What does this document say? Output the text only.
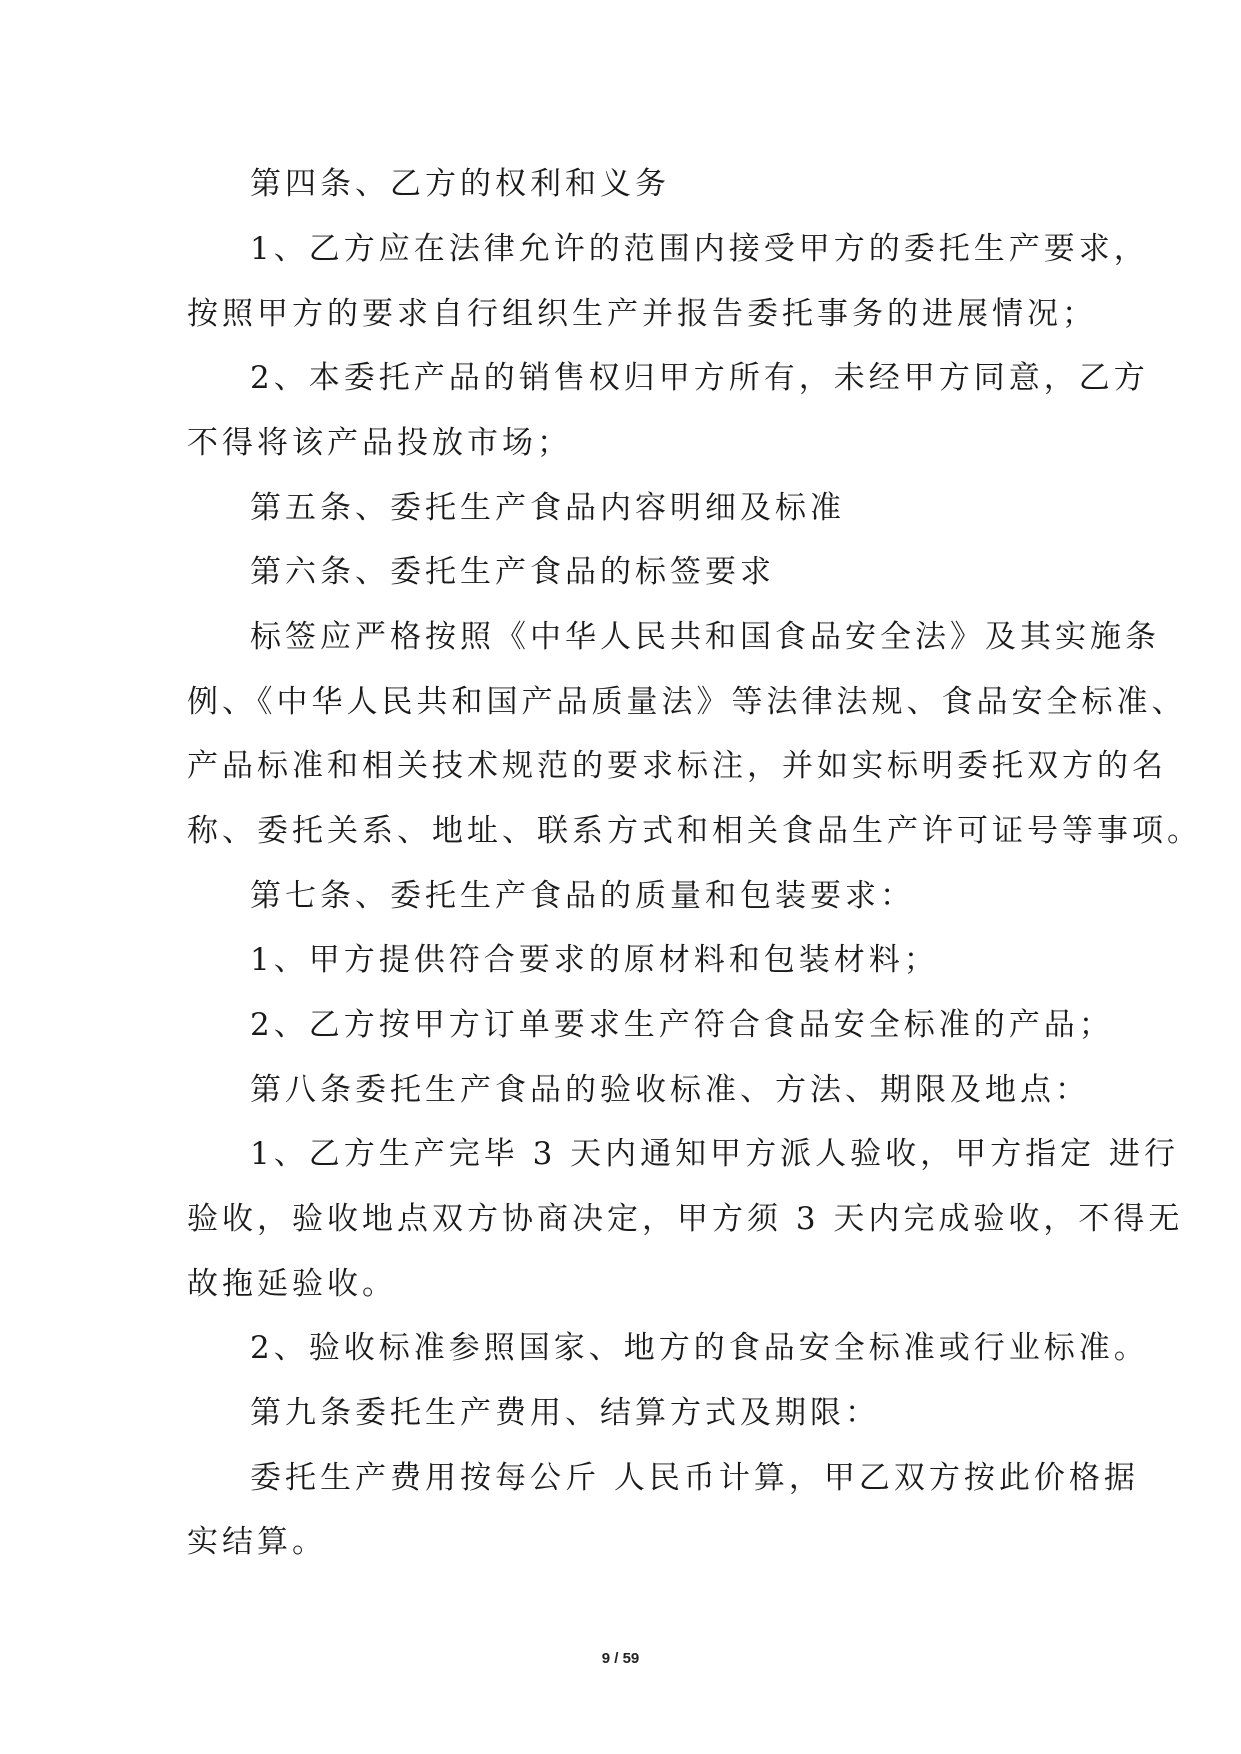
第四条、乙方的权利和义务
1、乙方应在法律允许的范围内接受甲方的委托生产要求，
按照甲方的要求自行组织生产并报告委托事务的进展情况；
2、本委托产品的销售权归甲方所有，未经甲方同意，乙方
不得将该产品投放市场；
第五条、委托生产食品内容明细及标准
第六条、委托生产食品的标签要求
标签应严格按照《中华人民共和国食品安全法》及其实施条
例、《中华人民共和国产品质量法》等法律法规、食品安全标准、
产品标准和相关技术规范的要求标注，并如实标明委托双方的名
称、委托关系、地址、联系方式和相关食品生产许可证号等事项。
第七条、委托生产食品的质量和包装要求：
1、甲方提供符合要求的原材料和包装材料；
2、乙方按甲方订单要求生产符合食品安全标准的产品；
第八条委托生产食品的验收标准、方法、期限及地点：
1、乙方生产完毕 3 天内通知甲方派人验收，甲方指定 进行
验收，验收地点双方协商决定，甲方须 3 天内完成验收，不得无
故拖延验收。
2、验收标准参照国家、地方的食品安全标准或行业标准。
第九条委托生产费用、结算方式及期限：
委托生产费用按每公斤 人民币计算，甲乙双方按此价格据
实结算。
9 / 59
